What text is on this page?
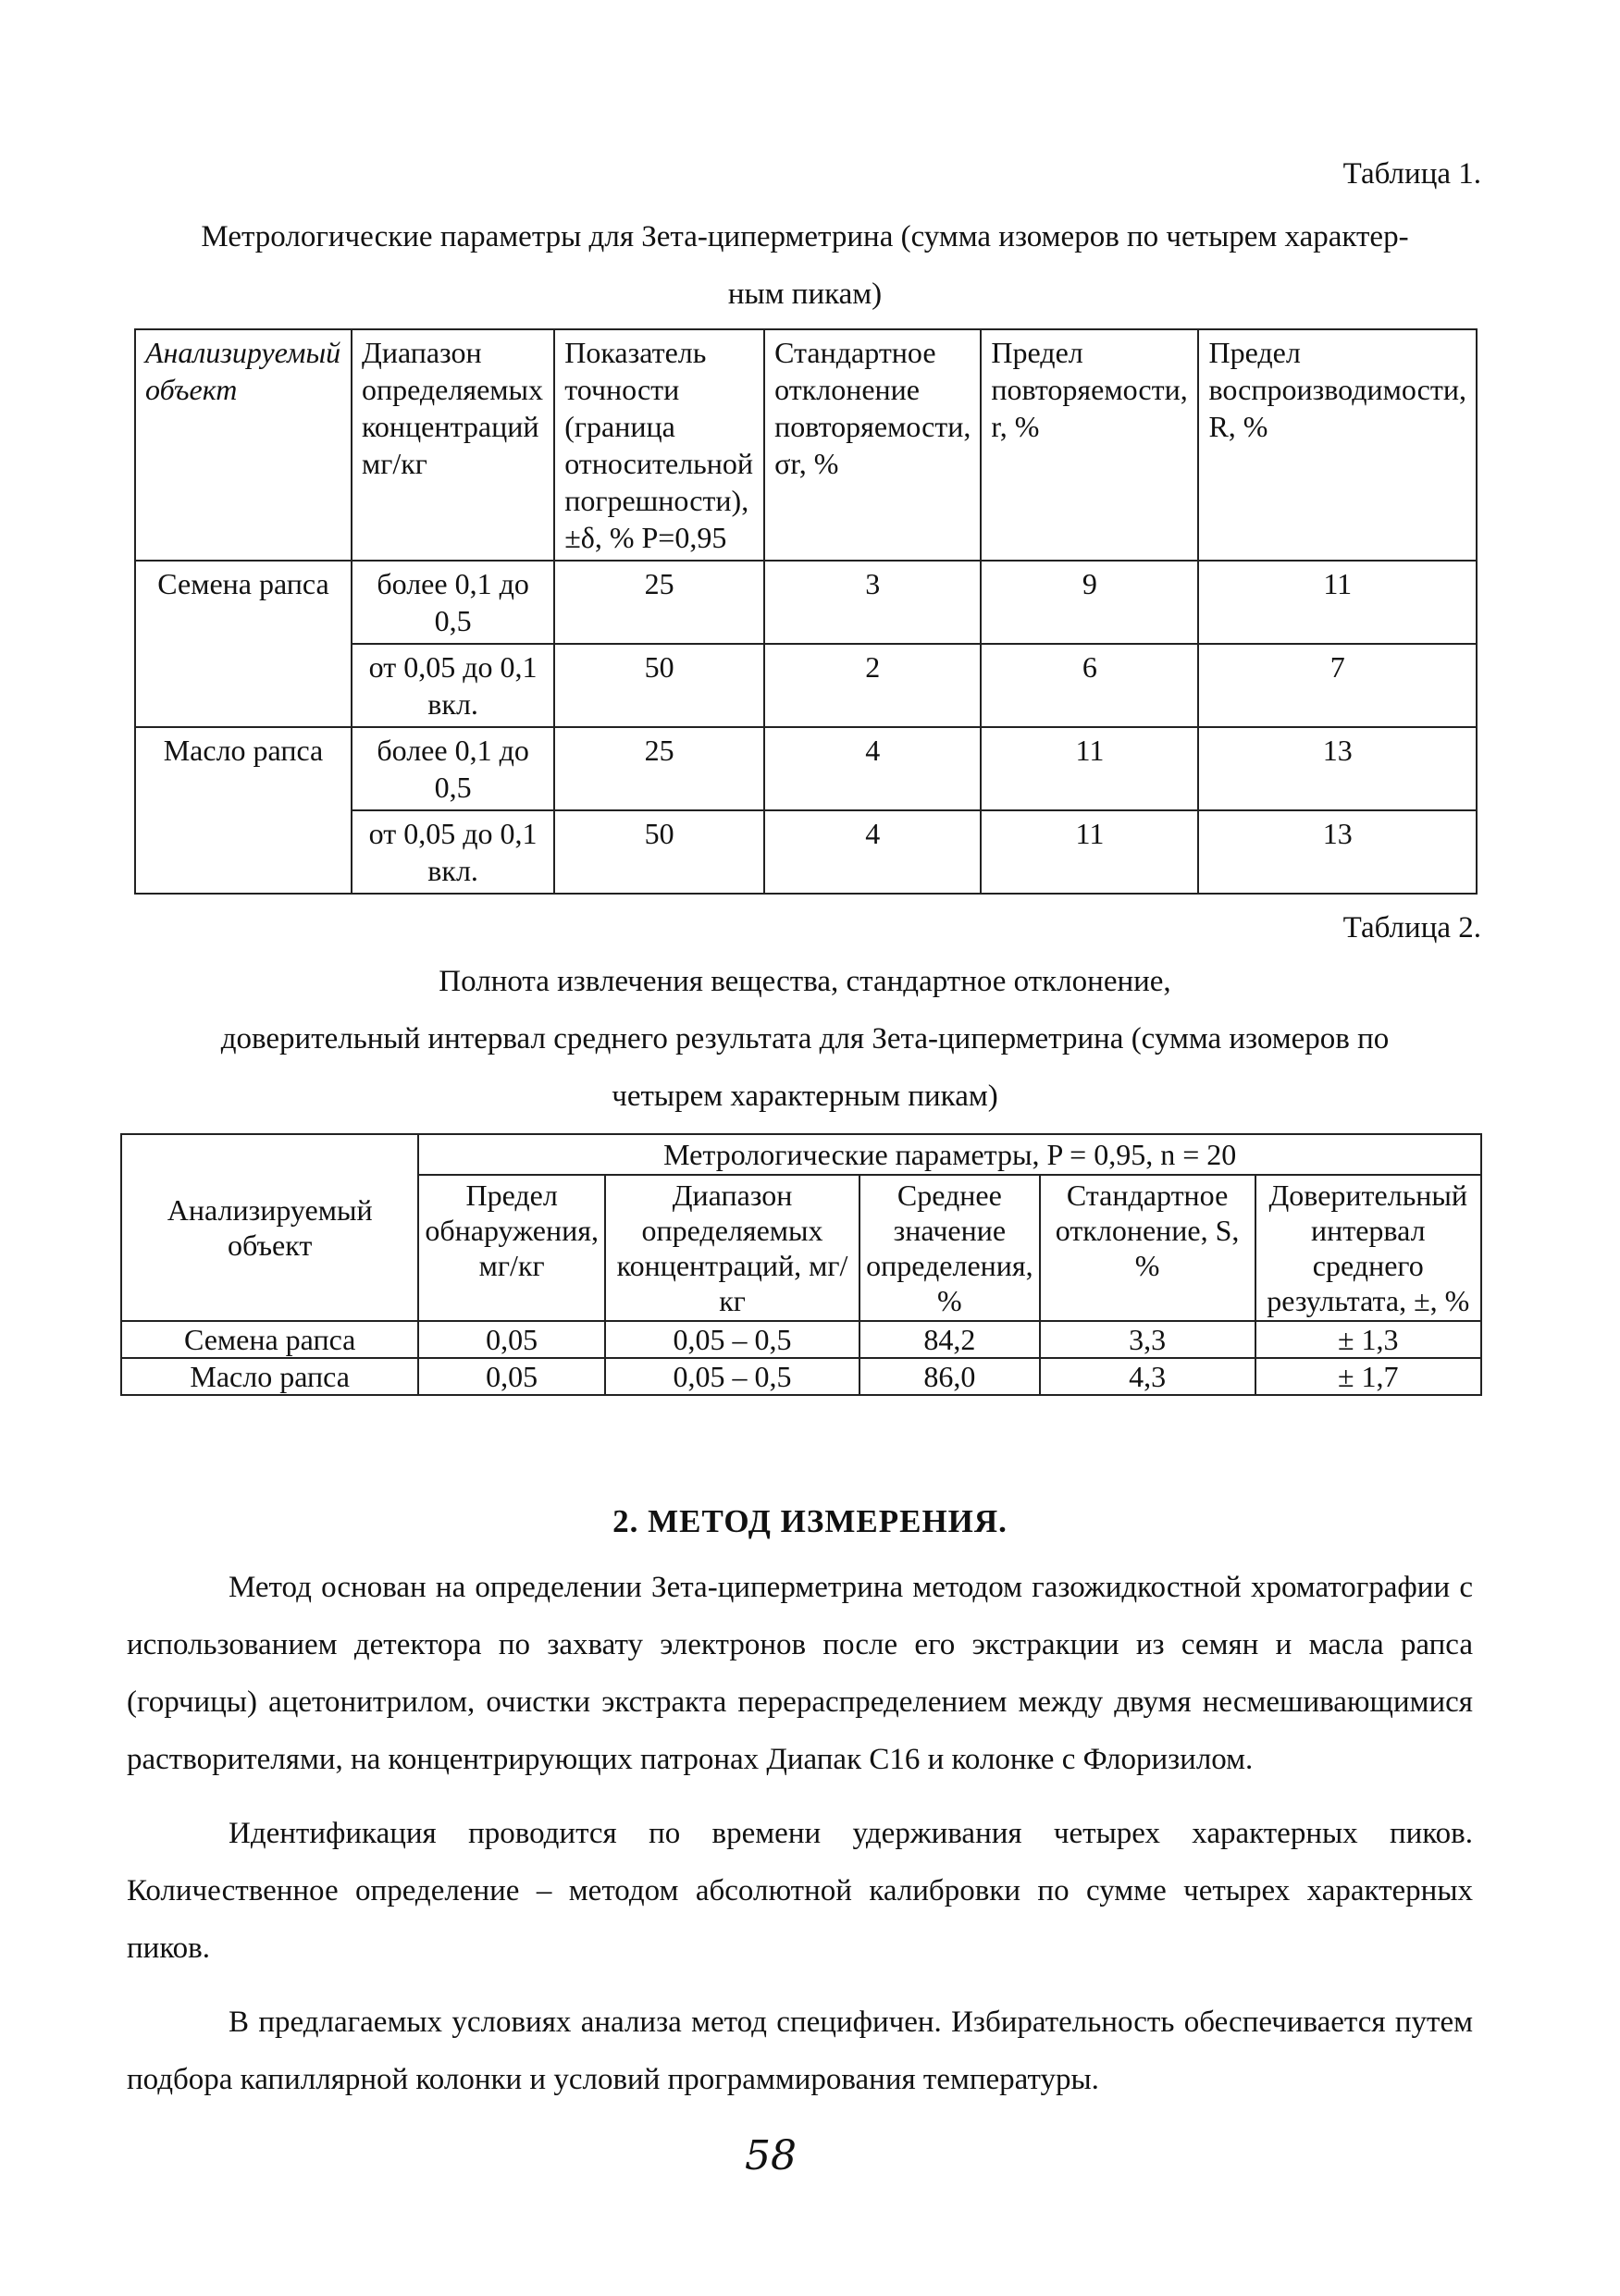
Таблица 1.
Метрологические параметры для Зета-циперметрина (сумма изомеров по четырем характер-
ным пикам)
Анализируемый объект	Диапазон определяемых концентраций мг/кг	Показатель точности (граница относительной погрешности), ±δ, % P=0,95	Стандартное отклонение повторяемости, σr, %	Предел повторяемости, r, %	Предел воспроизводимости, R, %
Семена рапса	более 0,1 до 0,5	25	3	9	11
	от 0,05 до 0,1 вкл.	50	2	6	7
Масло рапса	более 0,1 до 0,5	25	4	11	13
	от 0,05 до 0,1 вкл.	50	4	11	13
Таблица 2.
Полнота извлечения вещества, стандартное отклонение,
доверительный интервал среднего результата для Зета-циперметрина (сумма изомеров по
четырем характерным пикам)
Анализируемый объект	Метрологические параметры, P = 0,95, n = 20				
	Предел обнаружения, мг/кг	Диапазон определяемых концентраций, мг/кг	Среднее значение определения, %	Стандартное отклонение, S, %	Доверительный интервал среднего результата, ±, %
Семена рапса	0,05	0,05 – 0,5	84,2	3,3	± 1,3
Масло рапса	0,05	0,05 – 0,5	86,0	4,3	± 1,7
2. МЕТОД ИЗМЕРЕНИЯ.

Метод основан на определении Зета-циперметрина методом газожидкостной хроматографии с использованием детектора по захвату электронов после его экстракции из семян и масла рапса (горчицы) ацетонитрилом, очистки экстракта перераспределением между двумя несмешивающимися растворителями, на концентрирующих патронах Диапак С16 и колонке с Флоризилом.

Идентификация проводится по времени удерживания четырех характерных пиков. Количественное определение – методом абсолютной калибровки по сумме четырех характерных пиков.

В предлагаемых условиях анализа метод специфичен. Избирательность обеспечивается путем подбора капиллярной колонки и условий программирования температуры.

58
